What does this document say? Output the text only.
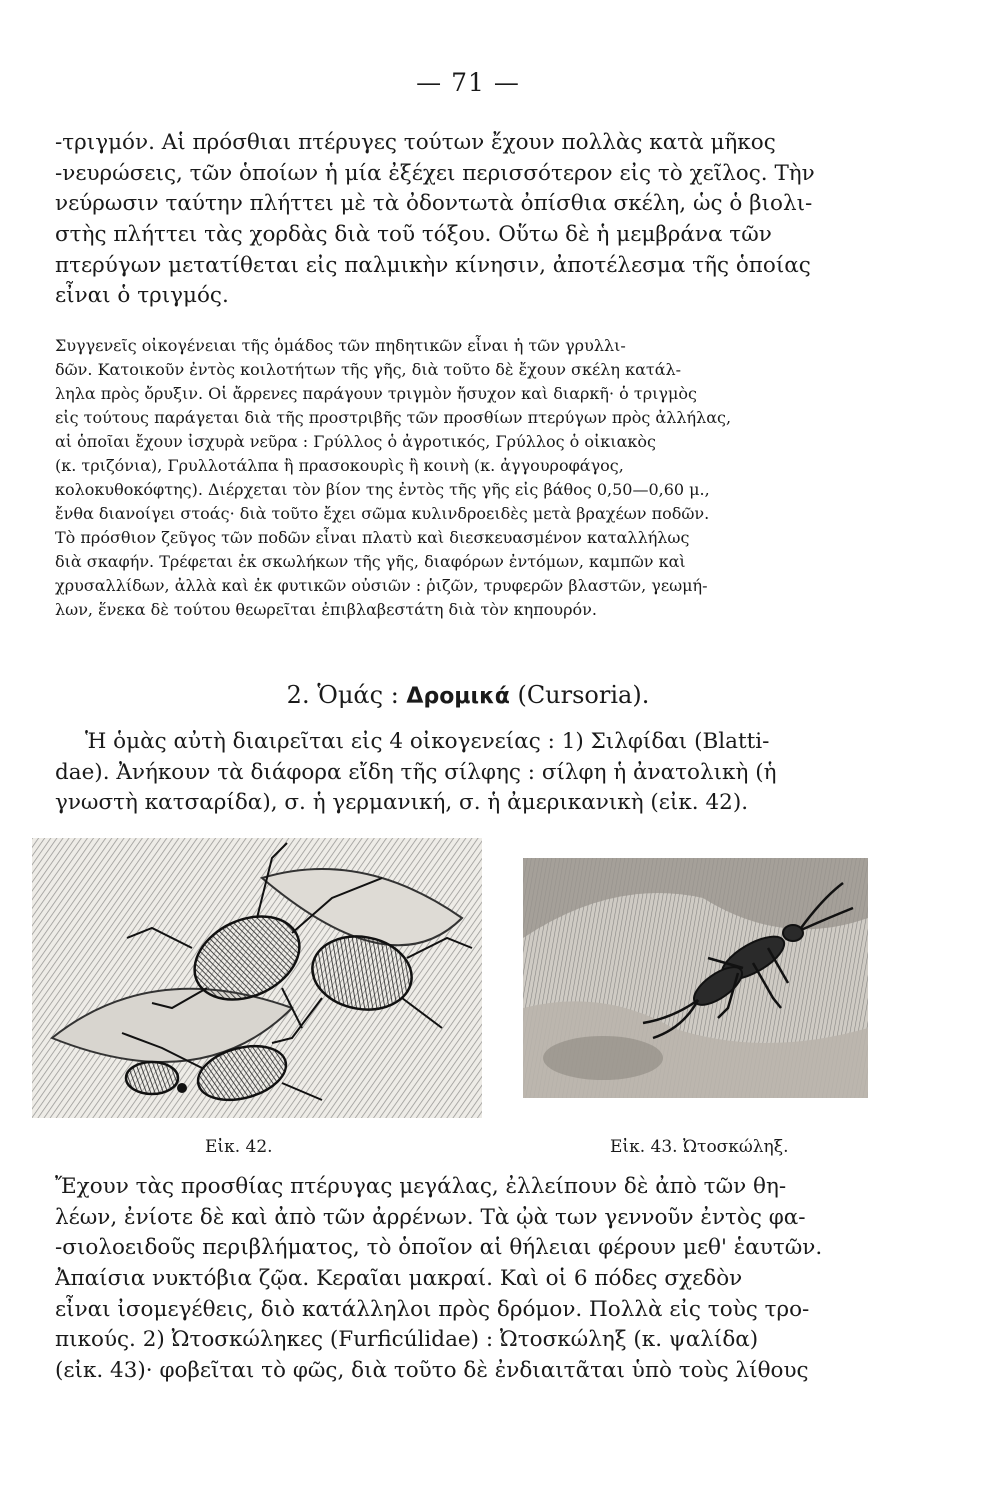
— 71 —
-τριγμόν. Αἱ πρόσθιαι πτέρυγες τούτων ἔχουν πολλὰς κατὰ μῆκος
-νευρώσεις, τῶν ὁποίων ἡ μία ἐξέχει περισσότερον εἰς τὸ χεῖλος. Τὴν
νεύρωσιν ταύτην πλήττει μὲ τὰ ὀδοντωτὰ ὀπίσθια σκέλη, ὡς ὁ βιολι-
στὴς πλήττει τὰς χορδὰς διὰ τοῦ τόξου. Οὕτω δὲ ἡ μεμβράνα τῶν
πτερύγων μετατίθεται εἰς παλμικὴν κίνησιν, ἀποτέλεσμα τῆς ὁποίας
εἶναι ὁ τριγμός.
Συγγενεῖς οἰκογένειαι τῆς ὁμάδος τῶν πηδητικῶν εἶναι ἡ τῶν γρυλλι-
δῶν. Κατοικοῦν ἐντὸς κοιλοτήτων τῆς γῆς, διὰ τοῦτο δὲ ἔχουν σκέλη κατάλ-
ληλα πρὸς ὄρυξιν. Οἱ ἄρρενες παράγουν τριγμὸν ἤσυχον καὶ διαρκῆ· ὁ τριγμὸς
εἰς τούτους παράγεται διὰ τῆς προστριβῆς τῶν προσθίων πτερύγων πρὸς ἀλλήλας,
αἱ ὁποῖαι ἔχουν ἰσχυρὰ νεῦρα : Γρύλλος ὁ ἀγροτικός, Γρύλλος ὁ οἰκιακὸς
(κ. τριζόνια), Γρυλλοτάλπα ἢ πρασοκουρὶς ἢ κοινὴ (κ. ἀγγουροφάγος,
κολοκυθοκόφτης). Διέρχεται τὸν βίον της ἐντὸς τῆς γῆς εἰς βάθος 0,50—0,60 μ.,
ἔνθα διανοίγει στοάς· διὰ τοῦτο ἔχει σῶμα κυλινδροειδὲς μετὰ βραχέων ποδῶν.
Τὸ πρόσθιον ζεῦγος τῶν ποδῶν εἶναι πλατὺ καὶ διεσκευασμένον καταλλήλως
διὰ σκαφήν. Τρέφεται ἐκ σκωλήκων τῆς γῆς, διαφόρων ἐντόμων, καμπῶν καὶ
χρυσαλλίδων, ἀλλὰ καὶ ἐκ φυτικῶν οὐσιῶν : ῥιζῶν, τρυφερῶν βλαστῶν, γεωμή-
λων, ἕνεκα δὲ τούτου θεωρεῖται ἐπιβλαβεστάτη διὰ τὸν κηπουρόν.
2. Ὁμάς : Δρομικά (Cursoria).
Ἡ ὁμὰς αὐτὴ διαιρεῖται εἰς 4 οἰκογενείας : 1) Σιλφίδαι (Blatti-
dae). Ἀνήκουν τὰ διάφορα εἴδη τῆς σίλφης : σίλφη ἡ ἀνατολικὴ (ἡ
γνωστὴ κατσαρίδα), σ. ἡ γερμανική, σ. ἡ ἀμερικανικὴ (εἰκ. 42).
Εἰκ. 42.	Εἰκ. 43. Ὠτοσκώληξ.
Ἔχουν τὰς προσθίας πτέρυγας μεγάλας, ἐλλείπουν δὲ ἀπὸ τῶν θη-
λέων, ἐνίοτε δὲ καὶ ἀπὸ τῶν ἀρρένων. Τὰ ᾠὰ των γεννοῦν ἐντὸς φα-
-σιολοειδοῦς περιβλήματος, τὸ ὁποῖον αἱ θήλειαι φέρουν μεθ' ἑαυτῶν.
Ἀπαίσια νυκτόβια ζῷα. Κεραῖαι μακραί. Καὶ οἱ 6 πόδες σχεδὸν
εἶναι ἰσομεγέθεις, διὸ κατάλληλοι πρὸς δρόμον. Πολλὰ εἰς τοὺς τρο-
πικούς. 2) Ὠτοσκώληκες (Furficúlidae) : Ὠτοσκώληξ (κ. ψαλίδα)
(εἰκ. 43)· φοβεῖται τὸ φῶς, διὰ τοῦτο δὲ ἐνδιαιτᾶται ὑπὸ τοὺς λίθους
